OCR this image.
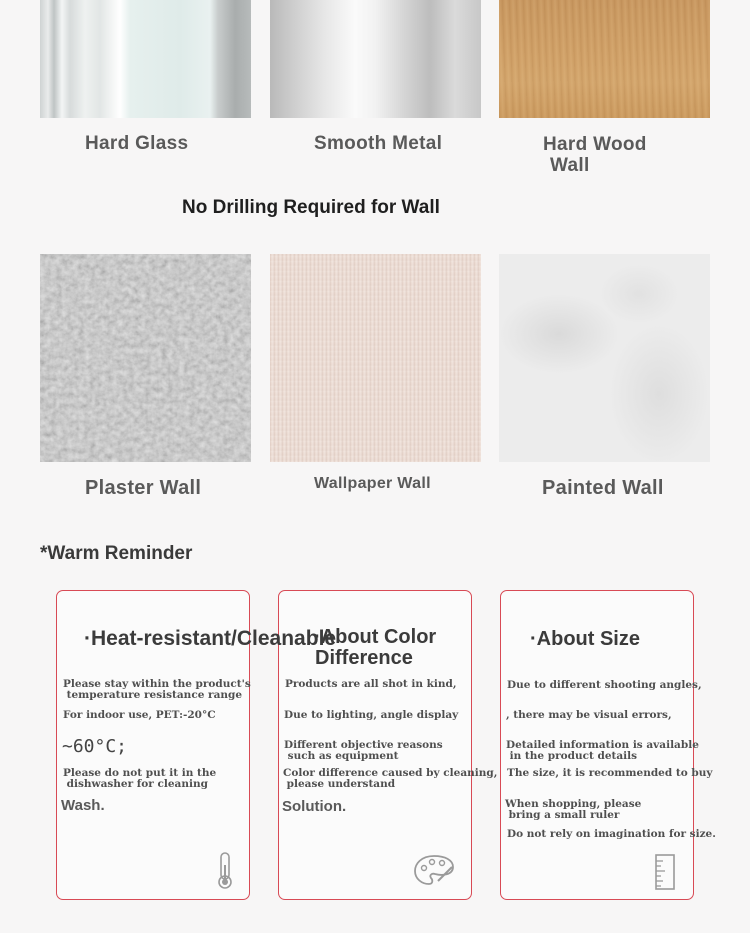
Hard Glass	Smooth Metal	Hard Wood
Wall
No Drilling Required for Wall
Plaster Wall	Wallpaper Wall	Painted Wall
*Warm Reminder
Please stay within the product's
temperature resistance range
For indoor use, PET:-20°C
~60°C;
Please do not put it in the
dishwasher for cleaning
Wash.
Products are all shot in kind,
Due to lighting, angle display
Different objective reasons
such as equipment
Color difference caused by cleaning,
please understand
Solution.
·About Size
Due to different shooting angles,
, there may be visual errors,
Detailed information is available
in the product details
The size, it is recommended to buy
When shopping, please
bring a small ruler
Do not rely on imagination for size.
·Heat-resistant/Cleanable
·About Color
Difference
